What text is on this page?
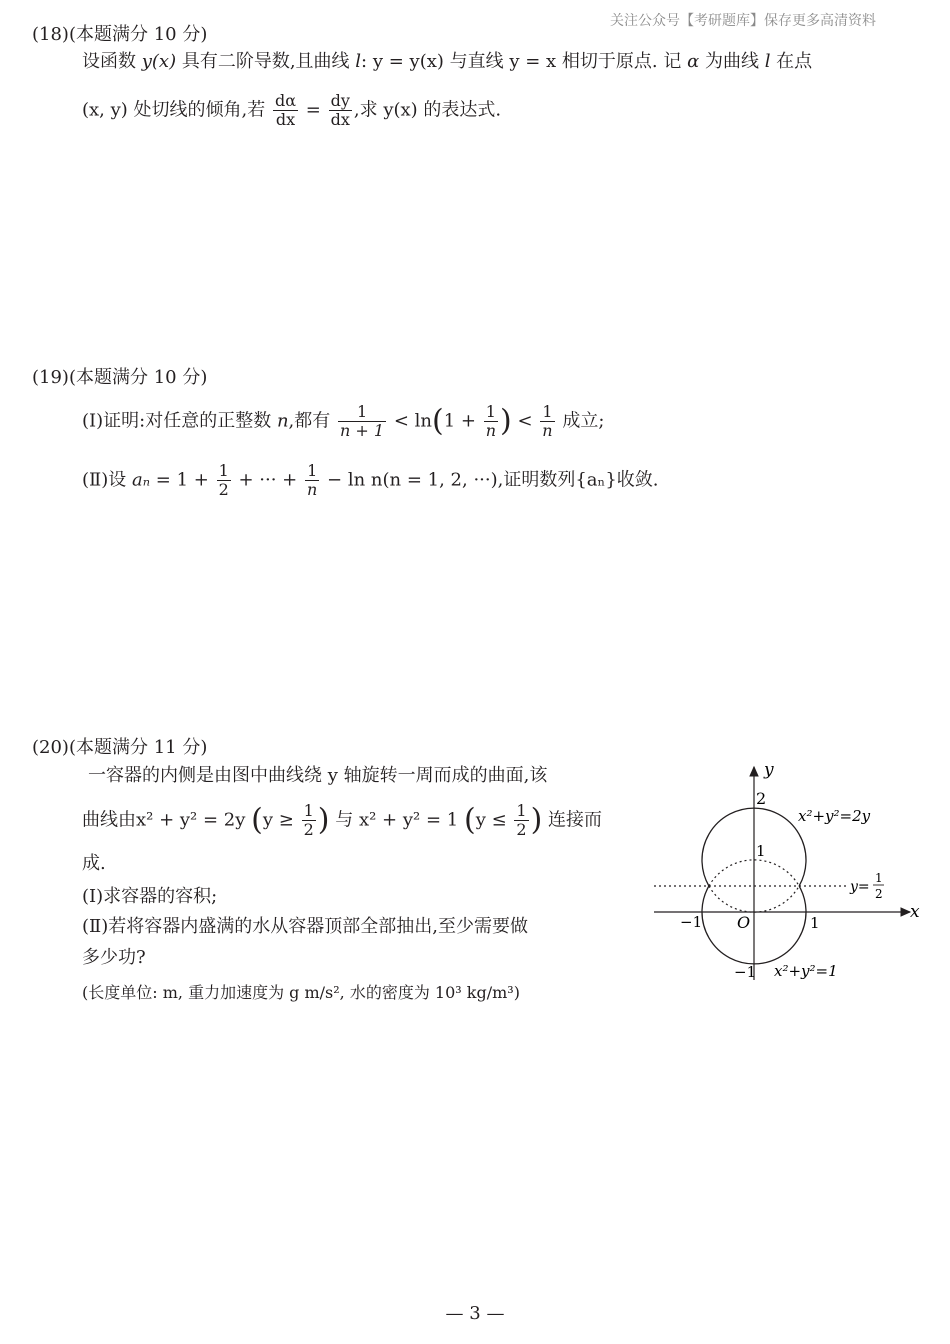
关注公众号【考研题库】保存更多高清资料
(18)(本题满分 10 分)
设函数 y(x) 具有二阶导数,且曲线 l: y = y(x) 与直线 y = x 相切于原点. 记 α 为曲线 l 在点
(x, y) 处切线的倾角,若 $\frac{d\alpha}{dx} = \frac{dy}{dx}$ ,求 y(x) 的表达式.
(19)(本题满分 10 分)
(Ⅰ)证明:对任意的正整数 n,都有 $\frac{1}{n + 1} < \ln(1 + \frac{1}{n}$ ) < $\frac{1}{n}$ 成立;
(Ⅱ)设 $a_n = 1 + \frac{1}{2}$ + ··· + $\frac{1}{n} - \ln n(n = 1$, 2, ···),证明数列{aₙ}收敛.
(20)(本题满分 11 分)
一容器的内侧是由图中曲线绕 y 轴旋转一周而成的曲面,该
曲线由x² + y² = 2y ($y \ge \frac{1}{2}$ ) 与 x² + y² = 1 ($y \le \frac{1}{2}$ ) 连接而
成.
(Ⅰ)求容器的容积;
(Ⅱ)若将容器内盛满的水从容器顶部全部抽出,至少需要做
多少功?
(长度单位: m, 重力加速度为 g m/s², 水的密度为 10³ kg/m³)
y
x
2
1
−1
−1	1
O
x²+y²=2y
x²+y²=1
y=
1
2
— 3 —
